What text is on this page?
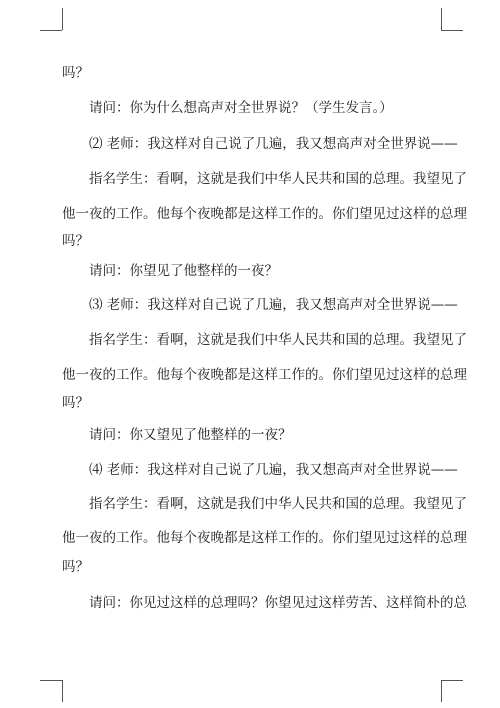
吗？
请问：你为什么想高声对全世界说？（学生发言。）
⑵ 老师：我这样对自己说了几遍，我又想高声对全世界说——
指名学生：看啊，这就是我们中华人民共和国的总理。我望见了
他一夜的工作。他每个夜晚都是这样工作的。你们望见过这样的总理
吗？
请问：你望见了他整样的一夜？
⑶ 老师：我这样对自己说了几遍，我又想高声对全世界说——
指名学生：看啊，这就是我们中华人民共和国的总理。我望见了
他一夜的工作。他每个夜晚都是这样工作的。你们望见过这样的总理
吗？
请问：你又望见了他整样的一夜？
⑷ 老师：我这样对自己说了几遍，我又想高声对全世界说——
指名学生：看啊，这就是我们中华人民共和国的总理。我望见了
他一夜的工作。他每个夜晚都是这样工作的。你们望见过这样的总理
吗？
请问：你见过这样的总理吗？你望见过这样劳苦、这样简朴的总
